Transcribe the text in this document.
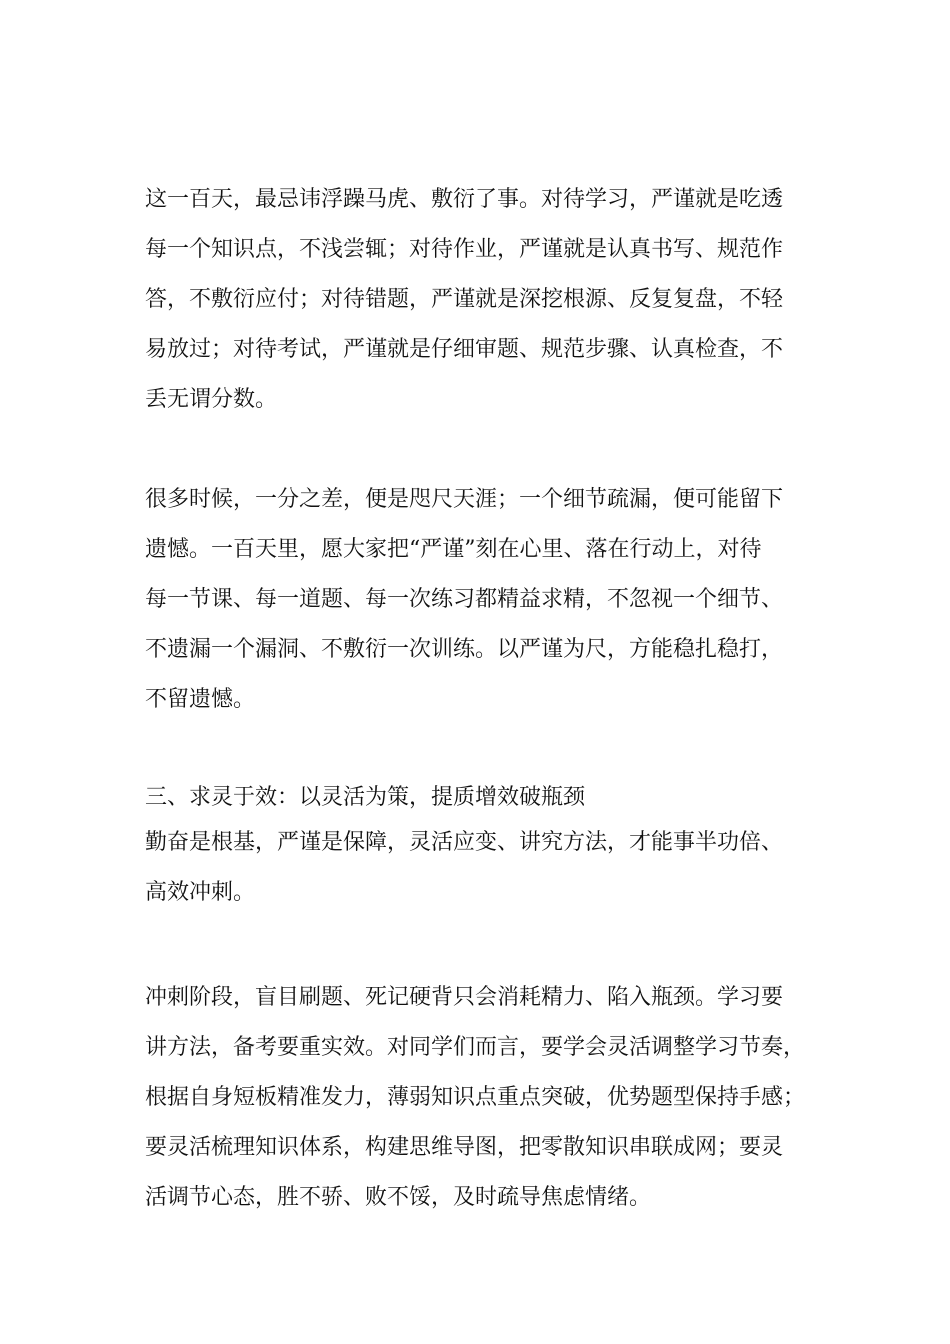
这一百天，最忌讳浮躁马虎、敷衍了事。对待学习，严谨就是吃透
每一个知识点，不浅尝辄；对待作业，严谨就是认真书写、规范作
答，不敷衍应付；对待错题，严谨就是深挖根源、反复复盘，不轻
易放过；对待考试，严谨就是仔细审题、规范步骤、认真检查，不
丢无谓分数。
很多时候，一分之差，便是咫尺天涯；一个细节疏漏，便可能留下
遗憾。一百天里，愿大家把“严谨”刻在心里、落在行动上，对待
每一节课、每一道题、每一次练习都精益求精，不忽视一个细节、
不遗漏一个漏洞、不敷衍一次训练。以严谨为尺，方能稳扎稳打，
不留遗憾。
三、求灵于效：以灵活为策，提质增效破瓶颈
勤奋是根基，严谨是保障，灵活应变、讲究方法，才能事半功倍、
高效冲刺。
冲刺阶段，盲目刷题、死记硬背只会消耗精力、陷入瓶颈。学习要
讲方法，备考要重实效。对同学们而言，要学会灵活调整学习节奏，
根据自身短板精准发力，薄弱知识点重点突破，优势题型保持手感；
要灵活梳理知识体系，构建思维导图，把零散知识串联成网；要灵
活调节心态，胜不骄、败不馁，及时疏导焦虑情绪。
